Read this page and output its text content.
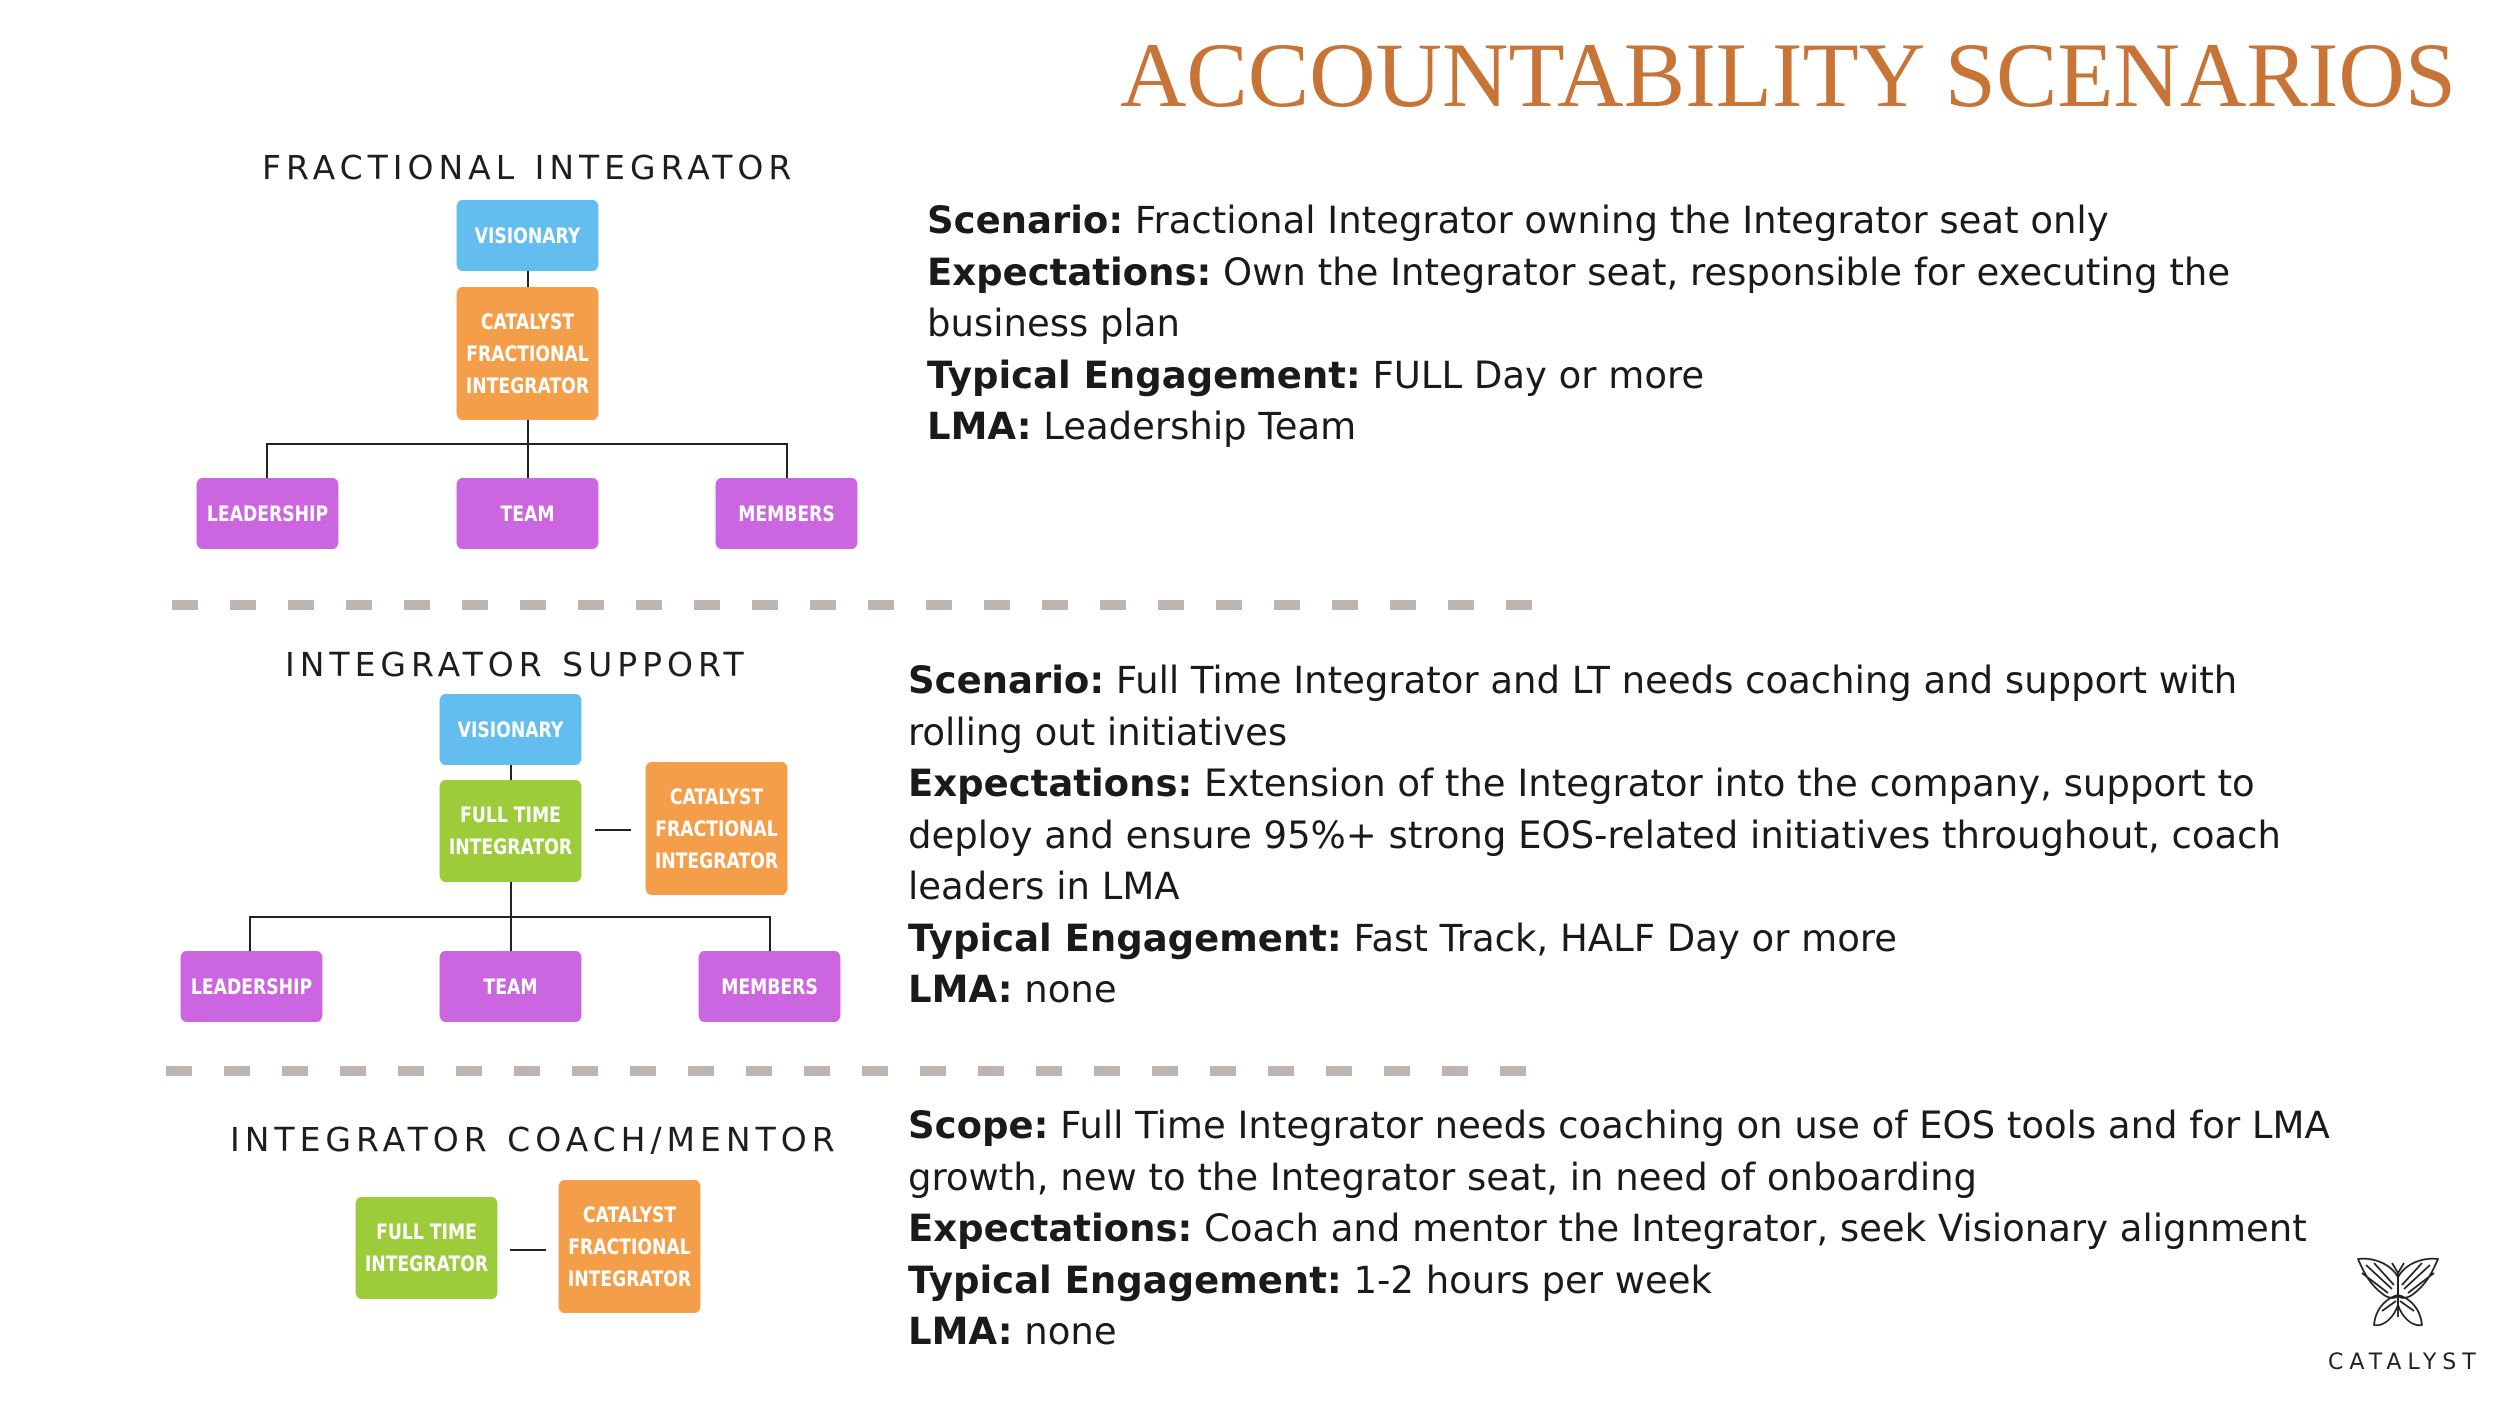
ACCOUNTABILITY SCENARIOS
FRACTIONAL INTEGRATOR
VISIONARY
CATALYST
FRACTIONAL
INTEGRATOR
LEADERSHIP	TEAM	MEMBERS

Scenario: Fractional Integrator owning the Integrator seat only

Expectations: Own the Integrator seat, responsible for executing the business plan

Typical Engagement: FULL Day or more

LMA: Leadership Team

INTEGRATOR SUPPORT
VISIONARY
FULL TIME
INTEGRATOR
CATALYST
FRACTIONAL
INTEGRATOR
LEADERSHIP	TEAM	MEMBERS

Scenario: Full Time Integrator and LT needs coaching and support with rolling out initiatives

Expectations: Extension of the Integrator into the company, support to deploy and ensure 95%+ strong EOS-related initiatives throughout, coach leaders in LMA

Typical Engagement: Fast Track, HALF Day or more

LMA: none

INTEGRATOR COACH/MENTOR
FULL TIME
INTEGRATOR
CATALYST
FRACTIONAL
INTEGRATOR

Scope: Full Time Integrator needs coaching on use of EOS tools and for LMA growth, new to the Integrator seat, in need of onboarding

Expectations: Coach and mentor the Integrator, seek Visionary alignment

Typical Engagement: 1-2 hours per week

LMA: none

CATALYST
